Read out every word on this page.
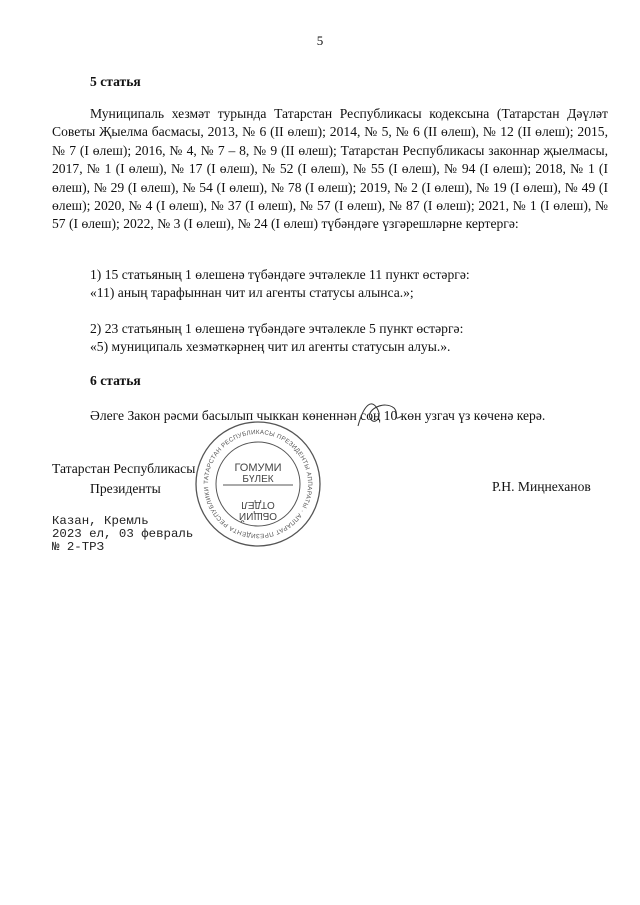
5
5 статья
Муниципаль хезмәт турында Татарстан Республикасы кодексына (Татарстан Дәүләт Советы Җыелма басмасы, 2013, № 6 (II өлеш); 2014, № 5, № 6 (II өлеш), № 12 (II өлеш); 2015, № 7 (I өлеш); 2016, № 4, № 7 – 8, № 9 (II өлеш); Татарстан Республикасы законнар җыелмасы, 2017, № 1 (I өлеш), № 17 (I өлеш), № 52 (I өлеш), № 55 (I өлеш), № 94 (I өлеш); 2018, № 1 (I өлеш), № 29 (I өлеш), № 54 (I өлеш), № 78 (I өлеш); 2019, № 2 (I өлеш), № 19 (I өлеш), № 49 (I өлеш); 2020, № 4 (I өлеш), № 37 (I өлеш), № 57 (I өлеш), № 87 (I өлеш); 2021, № 1 (I өлеш), № 57 (I өлеш); 2022, № 3 (I өлеш), № 24 (I өлеш) түбәндәге үзгәрешләрне кертергә:
1) 15 статьяның 1 өлешенә түбәндәге эчтәлекле 11 пункт өстәргә:
«11) аның тарафыннан чит ил агенты статусы алынса.»;
2) 23 статьяның 1 өлешенә түбәндәге эчтәлекле 5 пункт өстәргә:
«5) муниципаль хезмәткәрнең чит ил агенты статусын алуы.».
6 статья
Әлеге Закон рәсми басылып чыккан көненнән соң 10 көн узгач үз көченә керә.
ТАТАРСТАН РЕСПУБЛИКАСЫ ПРЕЗИДЕНТЫ АППАРАТЫ · АППАРАТ ПРЕЗИДЕНТА РЕСПУБЛИКИ
ГОМУМИ
БҮЛЕК
ОТДЕЛ
ОБЩИЙ
Татарстан Республикасы
Президенты	Р.Н. Миңнеханов
Казан, Кремль
2023 ел, 03 февраль
№ 2-ТРЗ
